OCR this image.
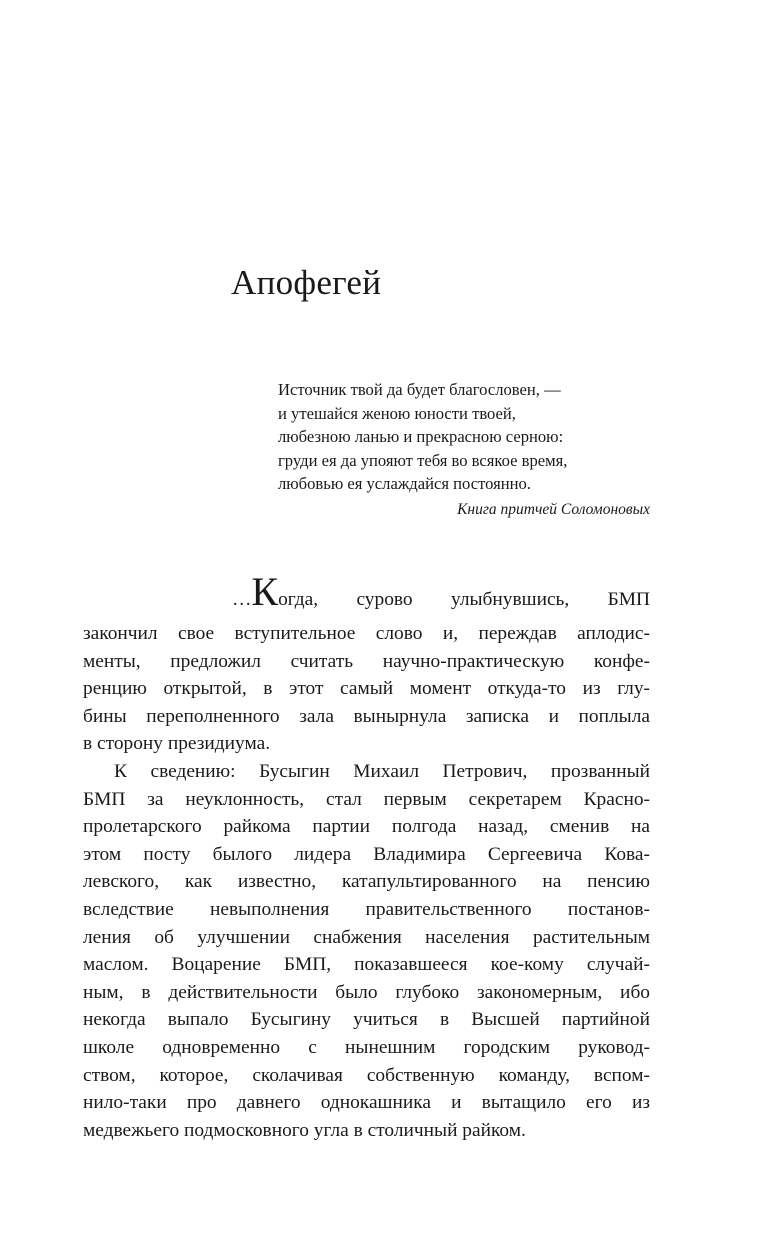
Апофегей
Источник твой да будет благословен, —
и утешайся женою юности твоей,
любезною ланью и прекрасною серною:
груди ея да упояют тебя во всякое время,
любовью ея услаждайся постоянно.
Книга притчей Соломоновых
…Когда, сурово улыбнувшись, БМП
закончил свое вступительное слово и, переждав аплодис-
менты, предложил считать научно-практическую конфе-
ренцию открытой, в этот самый момент откуда-то из глу-
бины переполненного зала вынырнула записка и поплыла
в сторону президиума.
К сведению: Бусыгин Михаил Петрович, прозванный
БМП за неуклонность, стал первым секретарем Красно-
пролетарского райкома партии полгода назад, сменив на
этом посту былого лидера Владимира Сергеевича Кова-
левского, как известно, катапультированного на пенсию
вследствие невыполнения правительственного постанов-
ления об улучшении снабжения населения растительным
маслом. Воцарение БМП, показавшееся кое-кому случай-
ным, в действительности было глубоко закономерным, ибо
некогда выпало Бусыгину учиться в Высшей партийной
школе одновременно с нынешним городским руковод-
ством, которое, сколачивая собственную команду, вспом-
нило-таки про давнего однокашника и вытащило его из
медвежьего подмосковного угла в столичный райком.
